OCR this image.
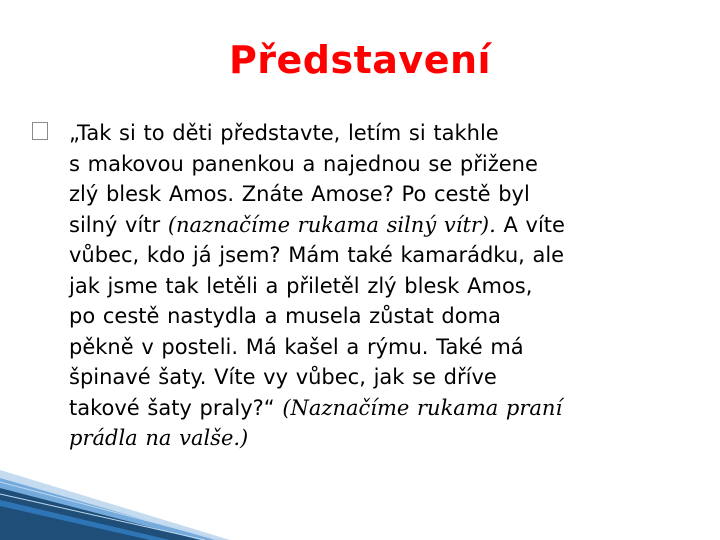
Představení

„Tak si to děti představte, letím si takhle

s makovou panenkou a najednou se přižene

zlý blesk Amos. Znáte Amose? Po cestě byl

silný vítr (naznačíme rukama silný vítr). A víte

vůbec, kdo já jsem? Mám také kamarádku, ale

jak jsme tak letěli a přiletěl zlý blesk Amos,

po cestě nastydla a musela zůstat doma

pěkně v posteli. Má kašel a rýmu. Také má

špinavé šaty. Víte vy vůbec, jak se dříve

takové šaty praly?“ (Naznačíme rukama praní

prádla na valše.)
